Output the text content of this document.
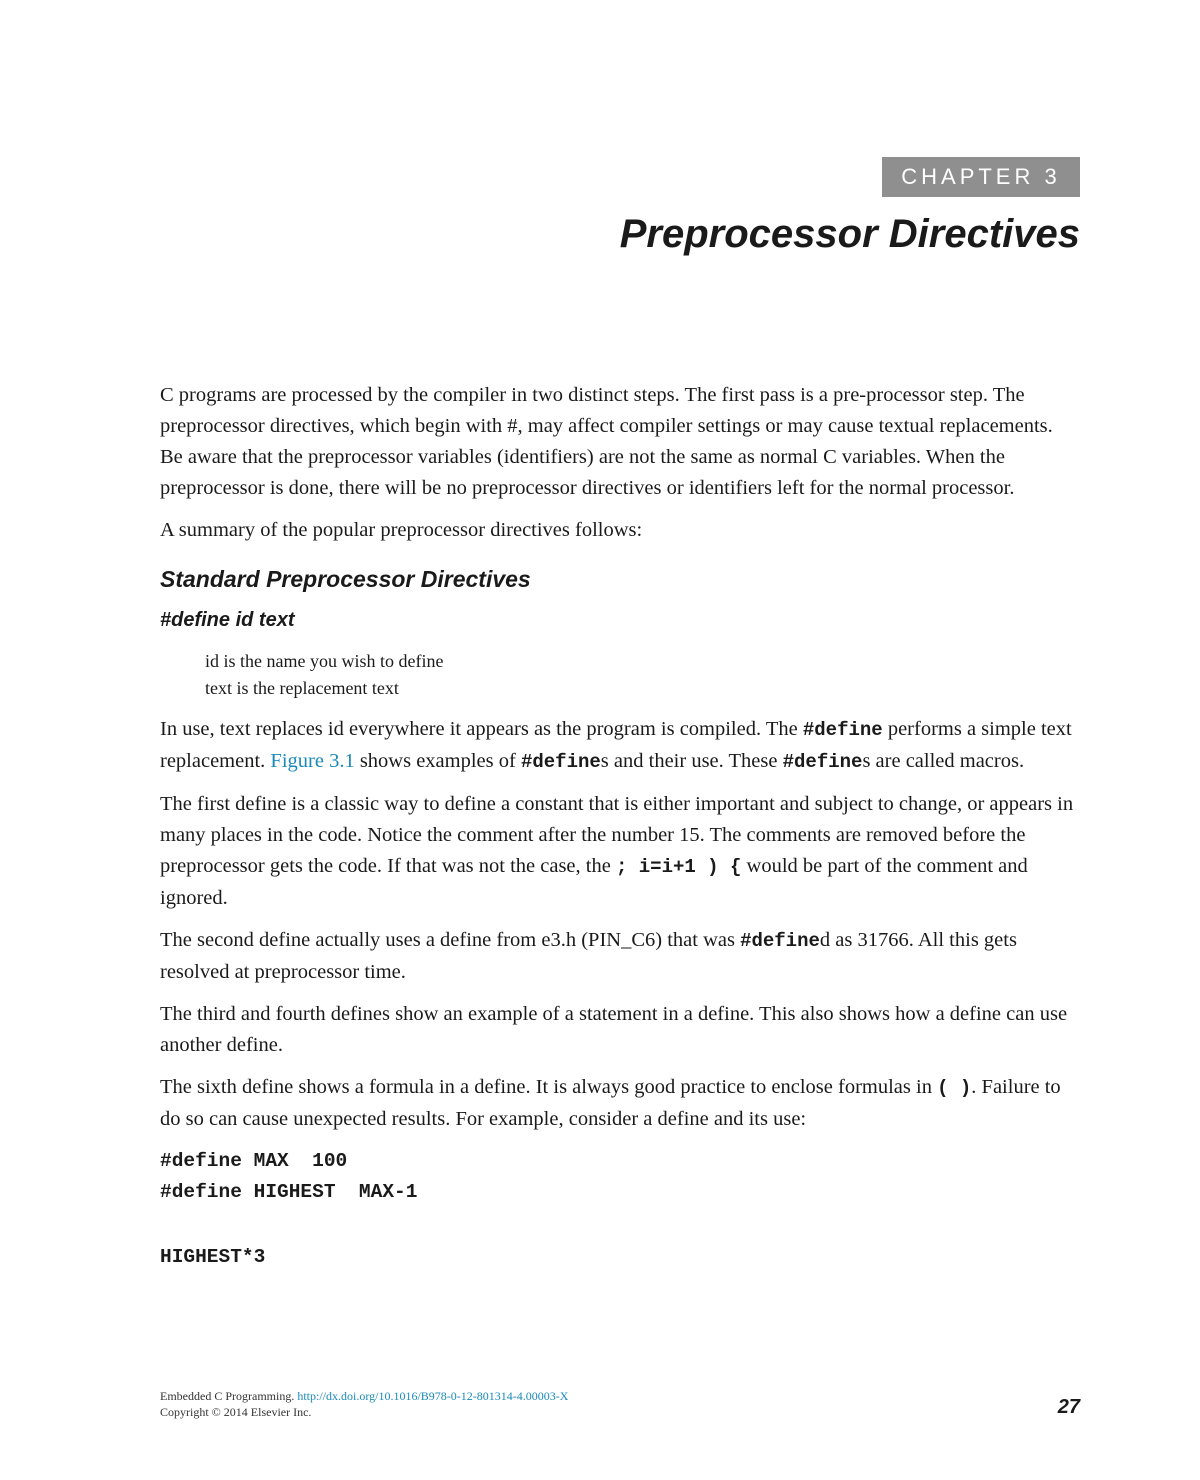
CHAPTER 3
Preprocessor Directives

C programs are processed by the compiler in two distinct steps. The first pass is a pre-processor step. The preprocessor directives, which begin with #, may affect compiler settings or may cause textual replacements. Be aware that the preprocessor variables (identifiers) are not the same as normal C variables. When the preprocessor is done, there will be no preprocessor directives or identifiers left for the normal processor.

A summary of the popular preprocessor directives follows:

Standard Preprocessor Directives
#define id text
id is the name you wish to define
text is the replacement text

In use, text replaces id everywhere it appears as the program is compiled. The #define performs a simple text replacement. Figure 3.1 shows examples of #defines and their use. These #defines are called macros.

The first define is a classic way to define a constant that is either important and subject to change, or appears in many places in the code. Notice the comment after the number 15. The comments are removed before the preprocessor gets the code. If that was not the case, the ; i=i+1 ) { would be part of the comment and ignored.

The second define actually uses a define from e3.h (PIN_C6) that was #defined as 31766. All this gets resolved at preprocessor time.

The third and fourth defines show an example of a statement in a define. This also shows how a define can use another define.

The sixth define shows a formula in a define. It is always good practice to enclose formulas in ( ). Failure to do so can cause unexpected results. For example, consider a define and its use:

#define MAX  100
#define HIGHEST  MAX-1
HIGHEST*3
Embedded C Programming. http://dx.doi.org/10.1016/B978-0-12-801314-4.00003-X
Copyright © 2014 Elsevier Inc.	27
